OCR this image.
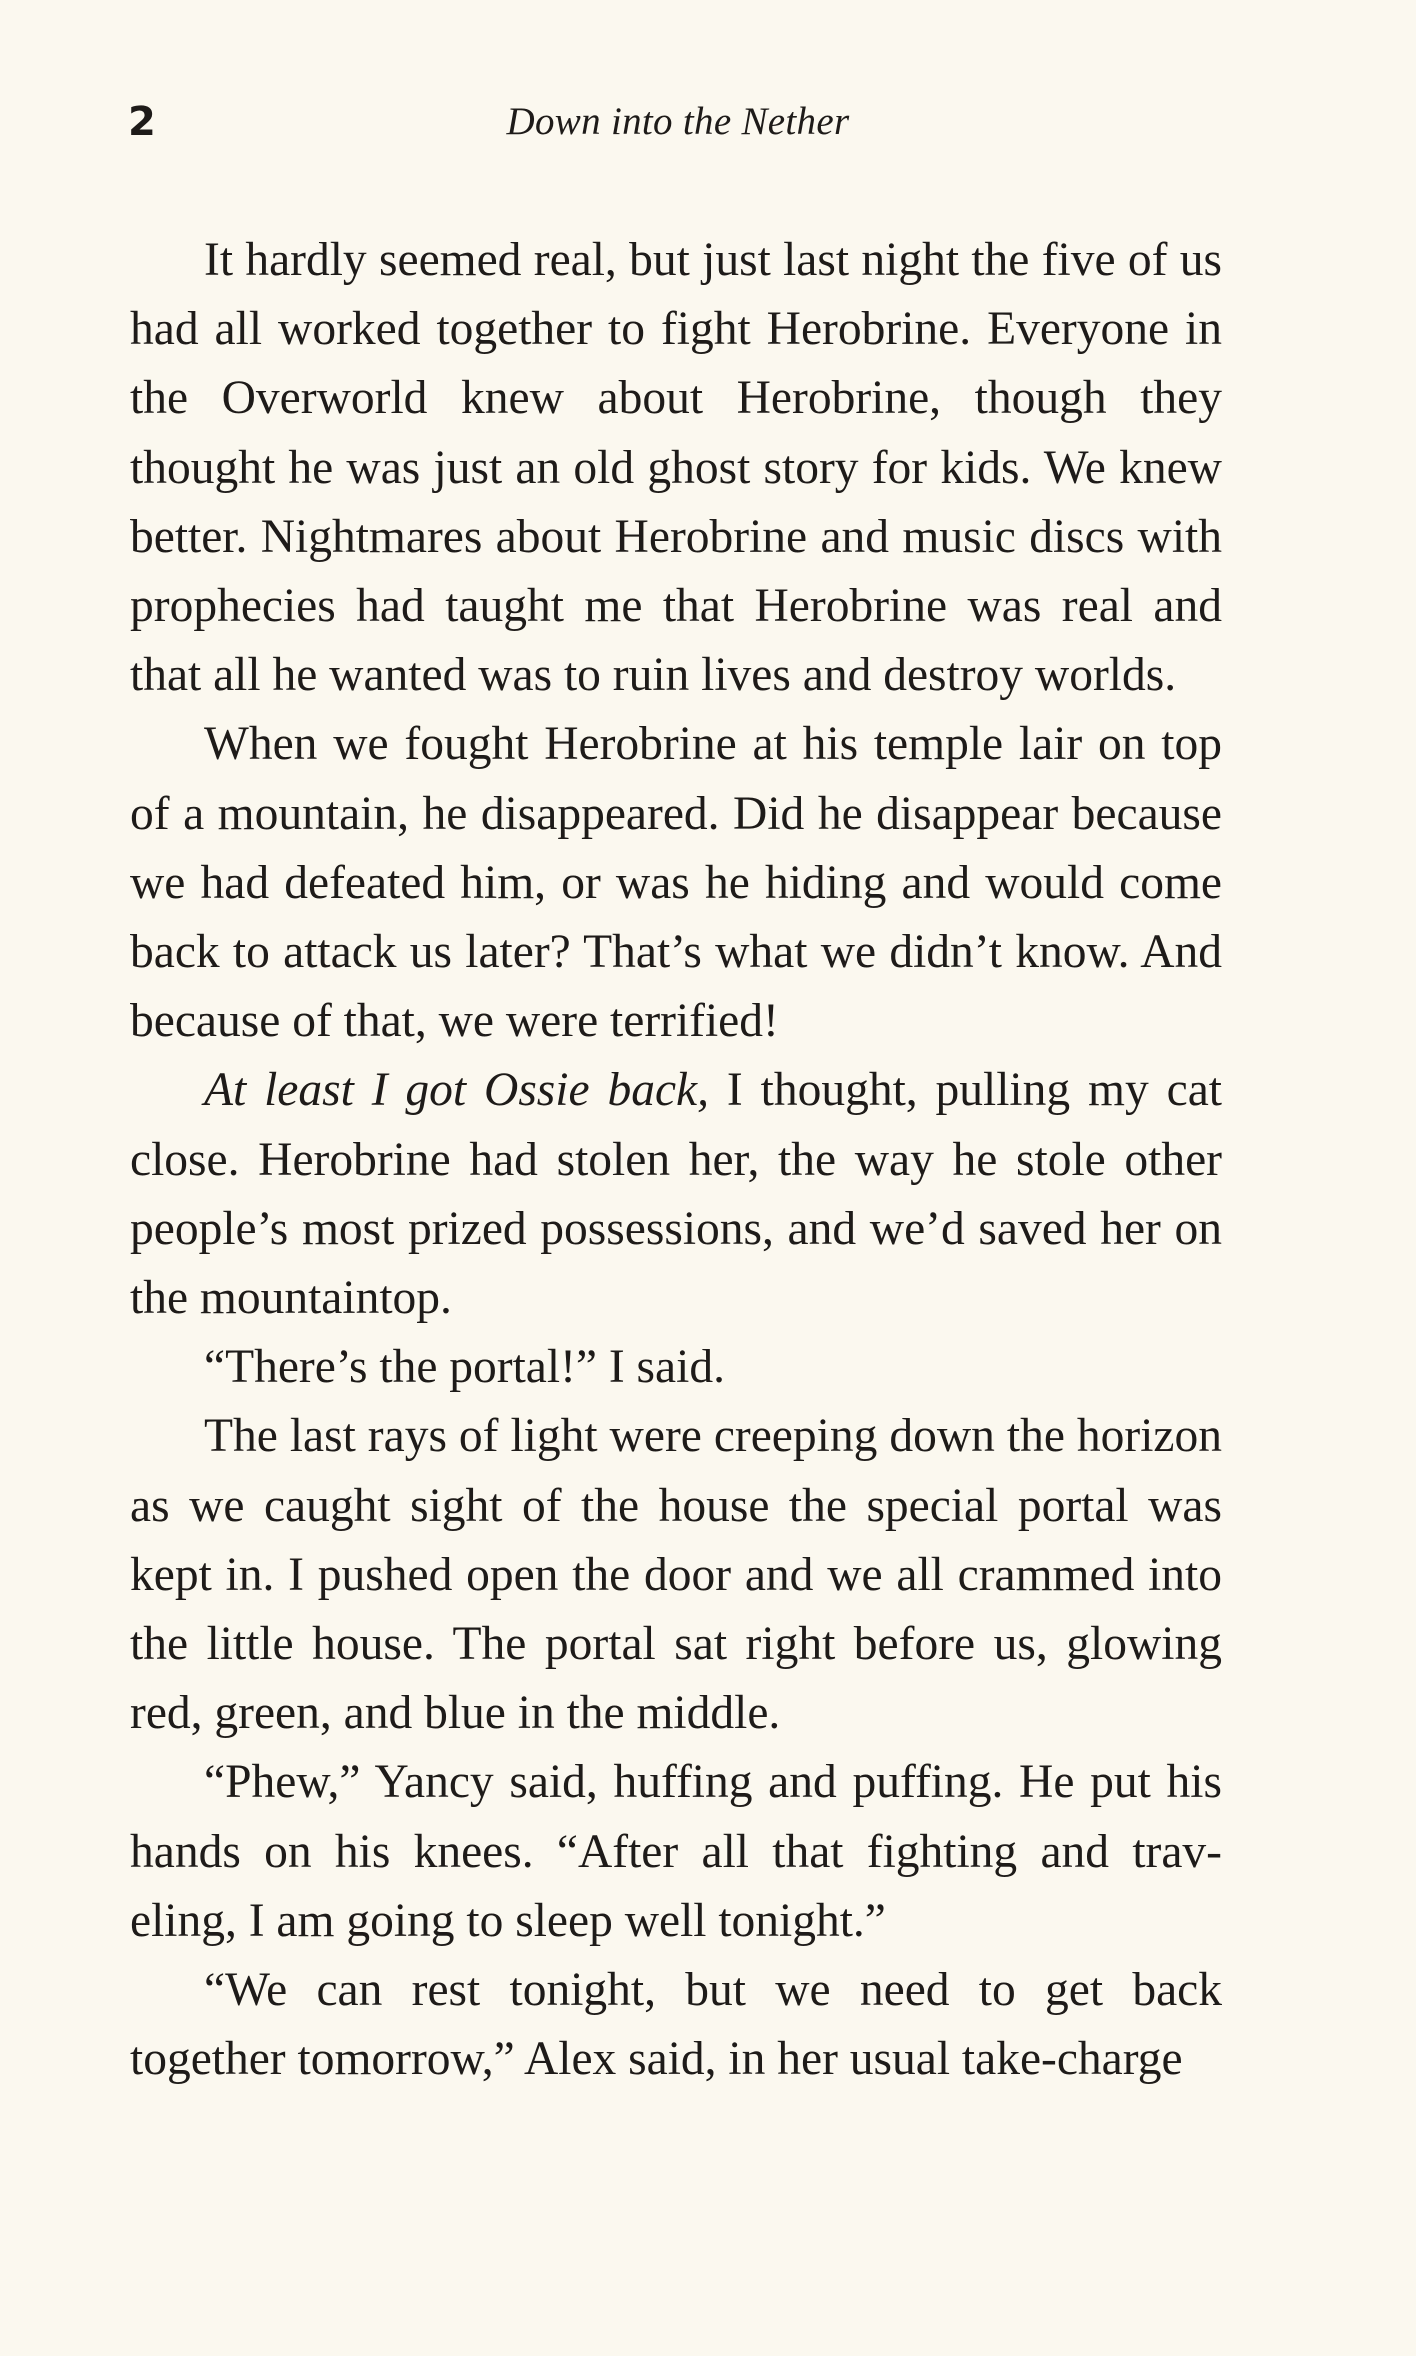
2	Down into the Nether

It hardly seemed real, but just last night the five of us had all worked together to fight Herobrine. Everyone in the Overworld knew about Herobrine, though they thought he was just an old ghost story for kids. We knew better. Nightmares about Herobrine and music discs with prophecies had taught me that Herobrine was real and that all he wanted was to ruin lives and destroy worlds.

When we fought Herobrine at his temple lair on top of a mountain, he disappeared. Did he disappear because we had defeated him, or was he hiding and would come back to attack us later? That’s what we didn’t know. And because of that, we were terrified!

At least I got Ossie back, I thought, pulling my cat close. Herobrine had stolen her, the way he stole other people’s most prized possessions, and we’d saved her on the mountaintop.

“There’s the portal!” I said.

The last rays of light were creeping down the horizon as we caught sight of the house the special portal was kept in. I pushed open the door and we all crammed into the little house. The portal sat right before us, glowing red, green, and blue in the middle.

“Phew,” Yancy said, huffing and puffing. He put his hands on his knees. “After all that fighting and trav-eling, I am going to sleep well tonight.”

“We can rest tonight, but we need to get back together tomorrow,” Alex said, in her usual take-charge
